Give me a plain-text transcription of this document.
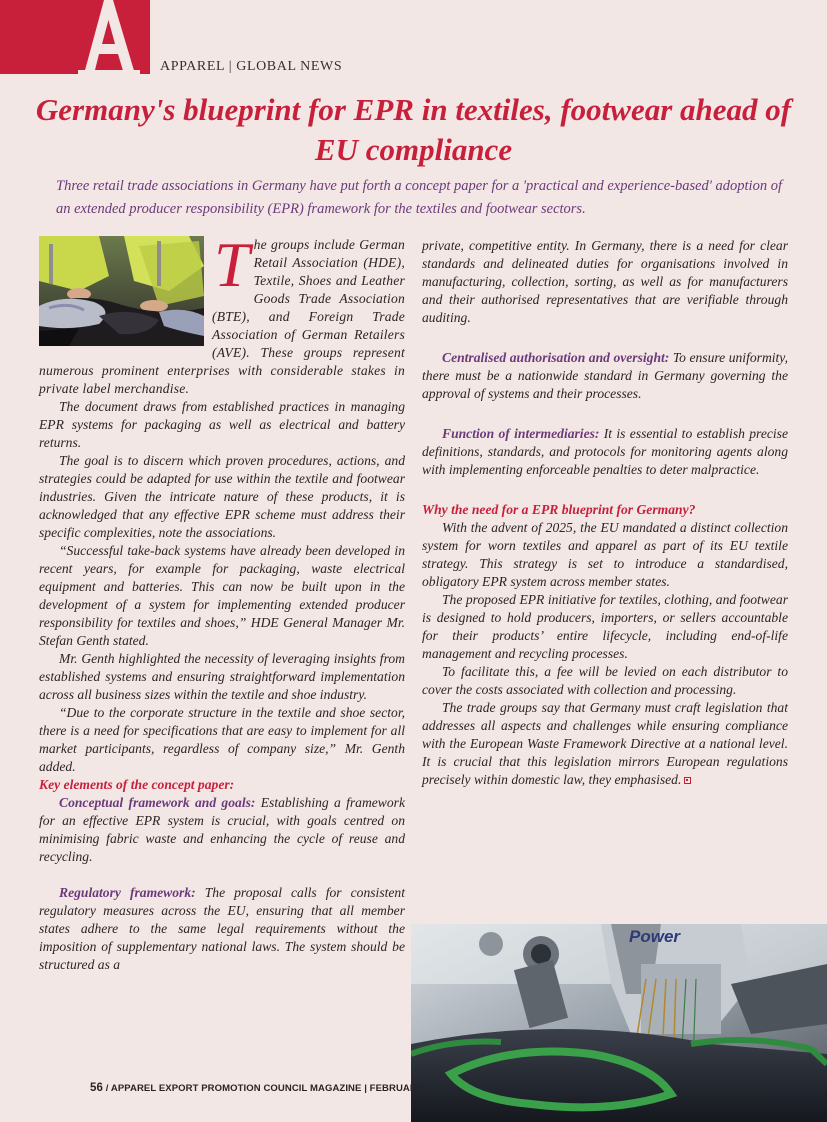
APPAREL | GLOBAL NEWS
Germany's blueprint for EPR in textiles, footwear ahead of EU compliance

Three retail trade associations in Germany have put forth a concept paper for a 'practical and experience-based' adoption of an extended producer responsibility (EPR) framework for the textiles and footwear sectors.

T he groups include German Retail Association (HDE), Textile, Shoes and Leather Goods Trade Association (BTE), and Foreign Trade Association of German Retailers (AVE). These groups represent numerous prominent enterprises with considerable stakes in private label merchandise.

The document draws from established practices in managing EPR systems for packaging as well as electrical and battery returns.

The goal is to discern which proven procedures, actions, and strategies could be adapted for use within the textile and footwear industries. Given the intricate nature of these products, it is acknowledged that any effective EPR scheme must address their specific complexities, note the associations.

“Successful take-back systems have already been developed in recent years, for example for packaging, waste electrical equipment and batteries. This can now be built upon in the development of a system for implementing extended producer responsibility for textiles and shoes,” HDE General Manager Mr. Stefan Genth stated.

Mr. Genth highlighted the necessity of leveraging insights from established systems and ensuring straightforward implementation across all business sizes within the textile and shoe industry.

“Due to the corporate structure in the textile and shoe sector, there is a need for specifications that are easy to implement for all market participants, regardless of company size,” Mr. Genth added.

Key elements of the concept paper:

Conceptual framework and goals: Establishing a framework for an effective EPR system is crucial, with goals centred on minimising fabric waste and enhancing the cycle of reuse and recycling.

Regulatory framework: The proposal calls for consistent regulatory measures across the EU, ensuring that all member states adhere to the same legal requirements without the imposition of supplementary national laws. The system should be structured as a

private, competitive entity. In Germany, there is a need for clear standards and delineated duties for organisations involved in manufacturing, collection, sorting, as well as for manufacturers and their authorised representatives that are verifiable through auditing.

Centralised authorisation and oversight: To ensure uniformity, there must be a nationwide standard in Germany governing the approval of systems and their processes.

Function of intermediaries: It is essential to establish precise definitions, standards, and protocols for monitoring agents along with implementing enforceable penalties to deter malpractice.

Why the need for a EPR blueprint for Germany?

With the advent of 2025, the EU mandated a distinct collection system for worn textiles and apparel as part of its EU textile strategy. This strategy is set to introduce a standardised, obligatory EPR system across member states.

The proposed EPR initiative for textiles, clothing, and footwear is designed to hold producers, importers, or sellers accountable for their products’ entire lifecycle, including end-of-life management and recycling processes.

To facilitate this, a fee will be levied on each distributor to cover the costs associated with collection and processing.

The trade groups say that Germany must craft legislation that addresses all aspects and challenges while ensuring compliance with the European Waste Framework Directive at a national level. It is crucial that this legislation mirrors European regulations precisely within domestic law, they emphasised.

Power
56 / APPAREL EXPORT PROMOTION COUNCIL MAGAZINE | FEBRUARY
